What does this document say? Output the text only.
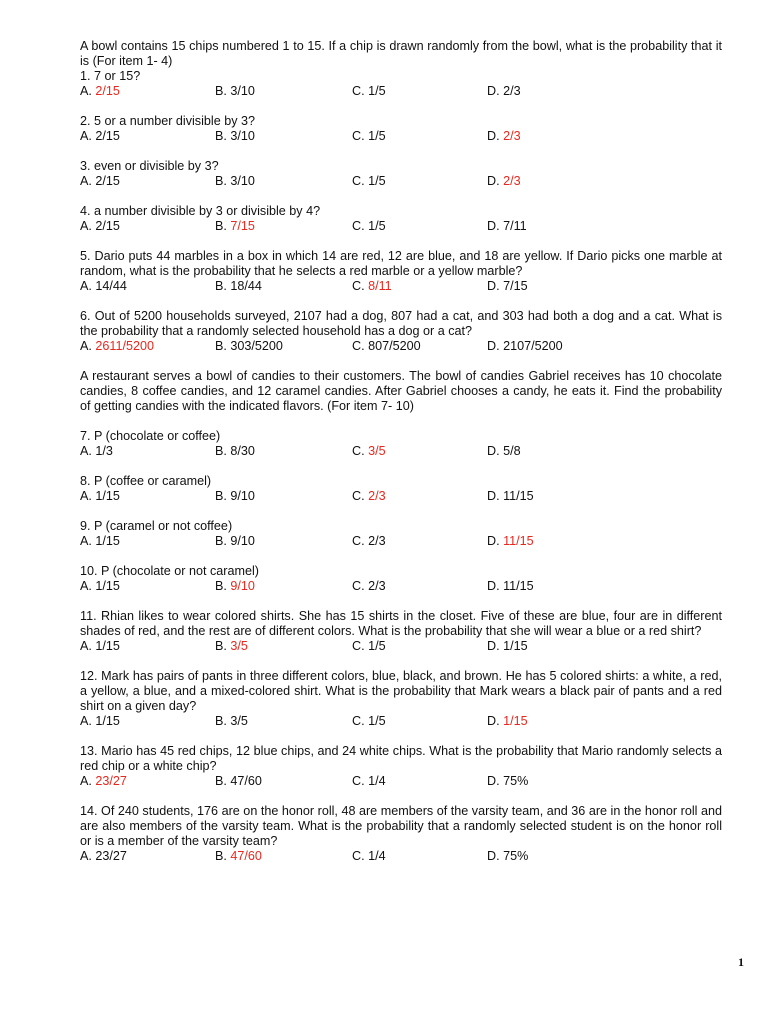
A bowl contains 15 chips numbered 1 to 15. If a chip is drawn randomly from the bowl, what is the probability that it is (For item 1- 4)
1. 7 or 15?
A. 2/15	B. 3/10	C. 1/5	D. 2/3
2. 5 or a number divisible by 3?
A. 2/15	B. 3/10	C. 1/5	D. 2/3
3. even or divisible by 3?
A. 2/15	B. 3/10	C. 1/5	D. 2/3
4. a number divisible by 3 or divisible by 4?
A. 2/15	B. 7/15	C. 1/5	D. 7/11
5. Dario puts 44 marbles in a box in which 14 are red, 12 are blue, and 18 are yellow. If Dario picks one marble at random, what is the probability that he selects a red marble or a yellow marble?
A. 14/44	B. 18/44	C. 8/11	D. 7/15
6. Out of 5200 households surveyed, 2107 had a dog, 807 had a cat, and 303 had both a dog and a cat. What is the probability that a randomly selected household has a dog or a cat?
A. 2611/5200	B. 303/5200	C. 807/5200	D. 2107/5200
A restaurant serves a bowl of candies to their customers. The bowl of candies Gabriel receives has 10 chocolate candies, 8 coffee candies, and 12 caramel candies. After Gabriel chooses a candy, he eats it. Find the probability of getting candies with the indicated flavors. (For item 7- 10)
7. P (chocolate or coffee)
A. 1/3	B. 8/30	C. 3/5	D. 5/8
8. P (coffee or caramel)
A. 1/15	B. 9/10	C. 2/3	D. 11/15
9. P (caramel or not coffee)
A. 1/15	B. 9/10	C. 2/3	D. 11/15
10. P (chocolate or not caramel)
A. 1/15	B. 9/10	C. 2/3	D. 11/15
11. Rhian likes to wear colored shirts. She has 15 shirts in the closet. Five of these are blue, four are in different shades of red, and the rest are of different colors. What is the probability that she will wear a blue or a red shirt?
A. 1/15	B. 3/5	C. 1/5	D. 1/15
12. Mark has pairs of pants in three different colors, blue, black, and brown. He has 5 colored shirts: a white, a red, a yellow, a blue, and a mixed-colored shirt. What is the probability that Mark wears a black pair of pants and a red shirt on a given day?
A. 1/15	B. 3/5	C. 1/5	D. 1/15
13. Mario has 45 red chips, 12 blue chips, and 24 white chips. What is the probability that Mario randomly selects a red chip or a white chip?
A. 23/27	B. 47/60	C. 1/4	D. 75%
14. Of 240 students, 176 are on the honor roll, 48 are members of the varsity team, and 36 are in the honor roll and are also members of the varsity team. What is the probability that a randomly selected student is on the honor roll or is a member of the varsity team?
A. 23/27	B. 47/60	C. 1/4	D. 75%
1
